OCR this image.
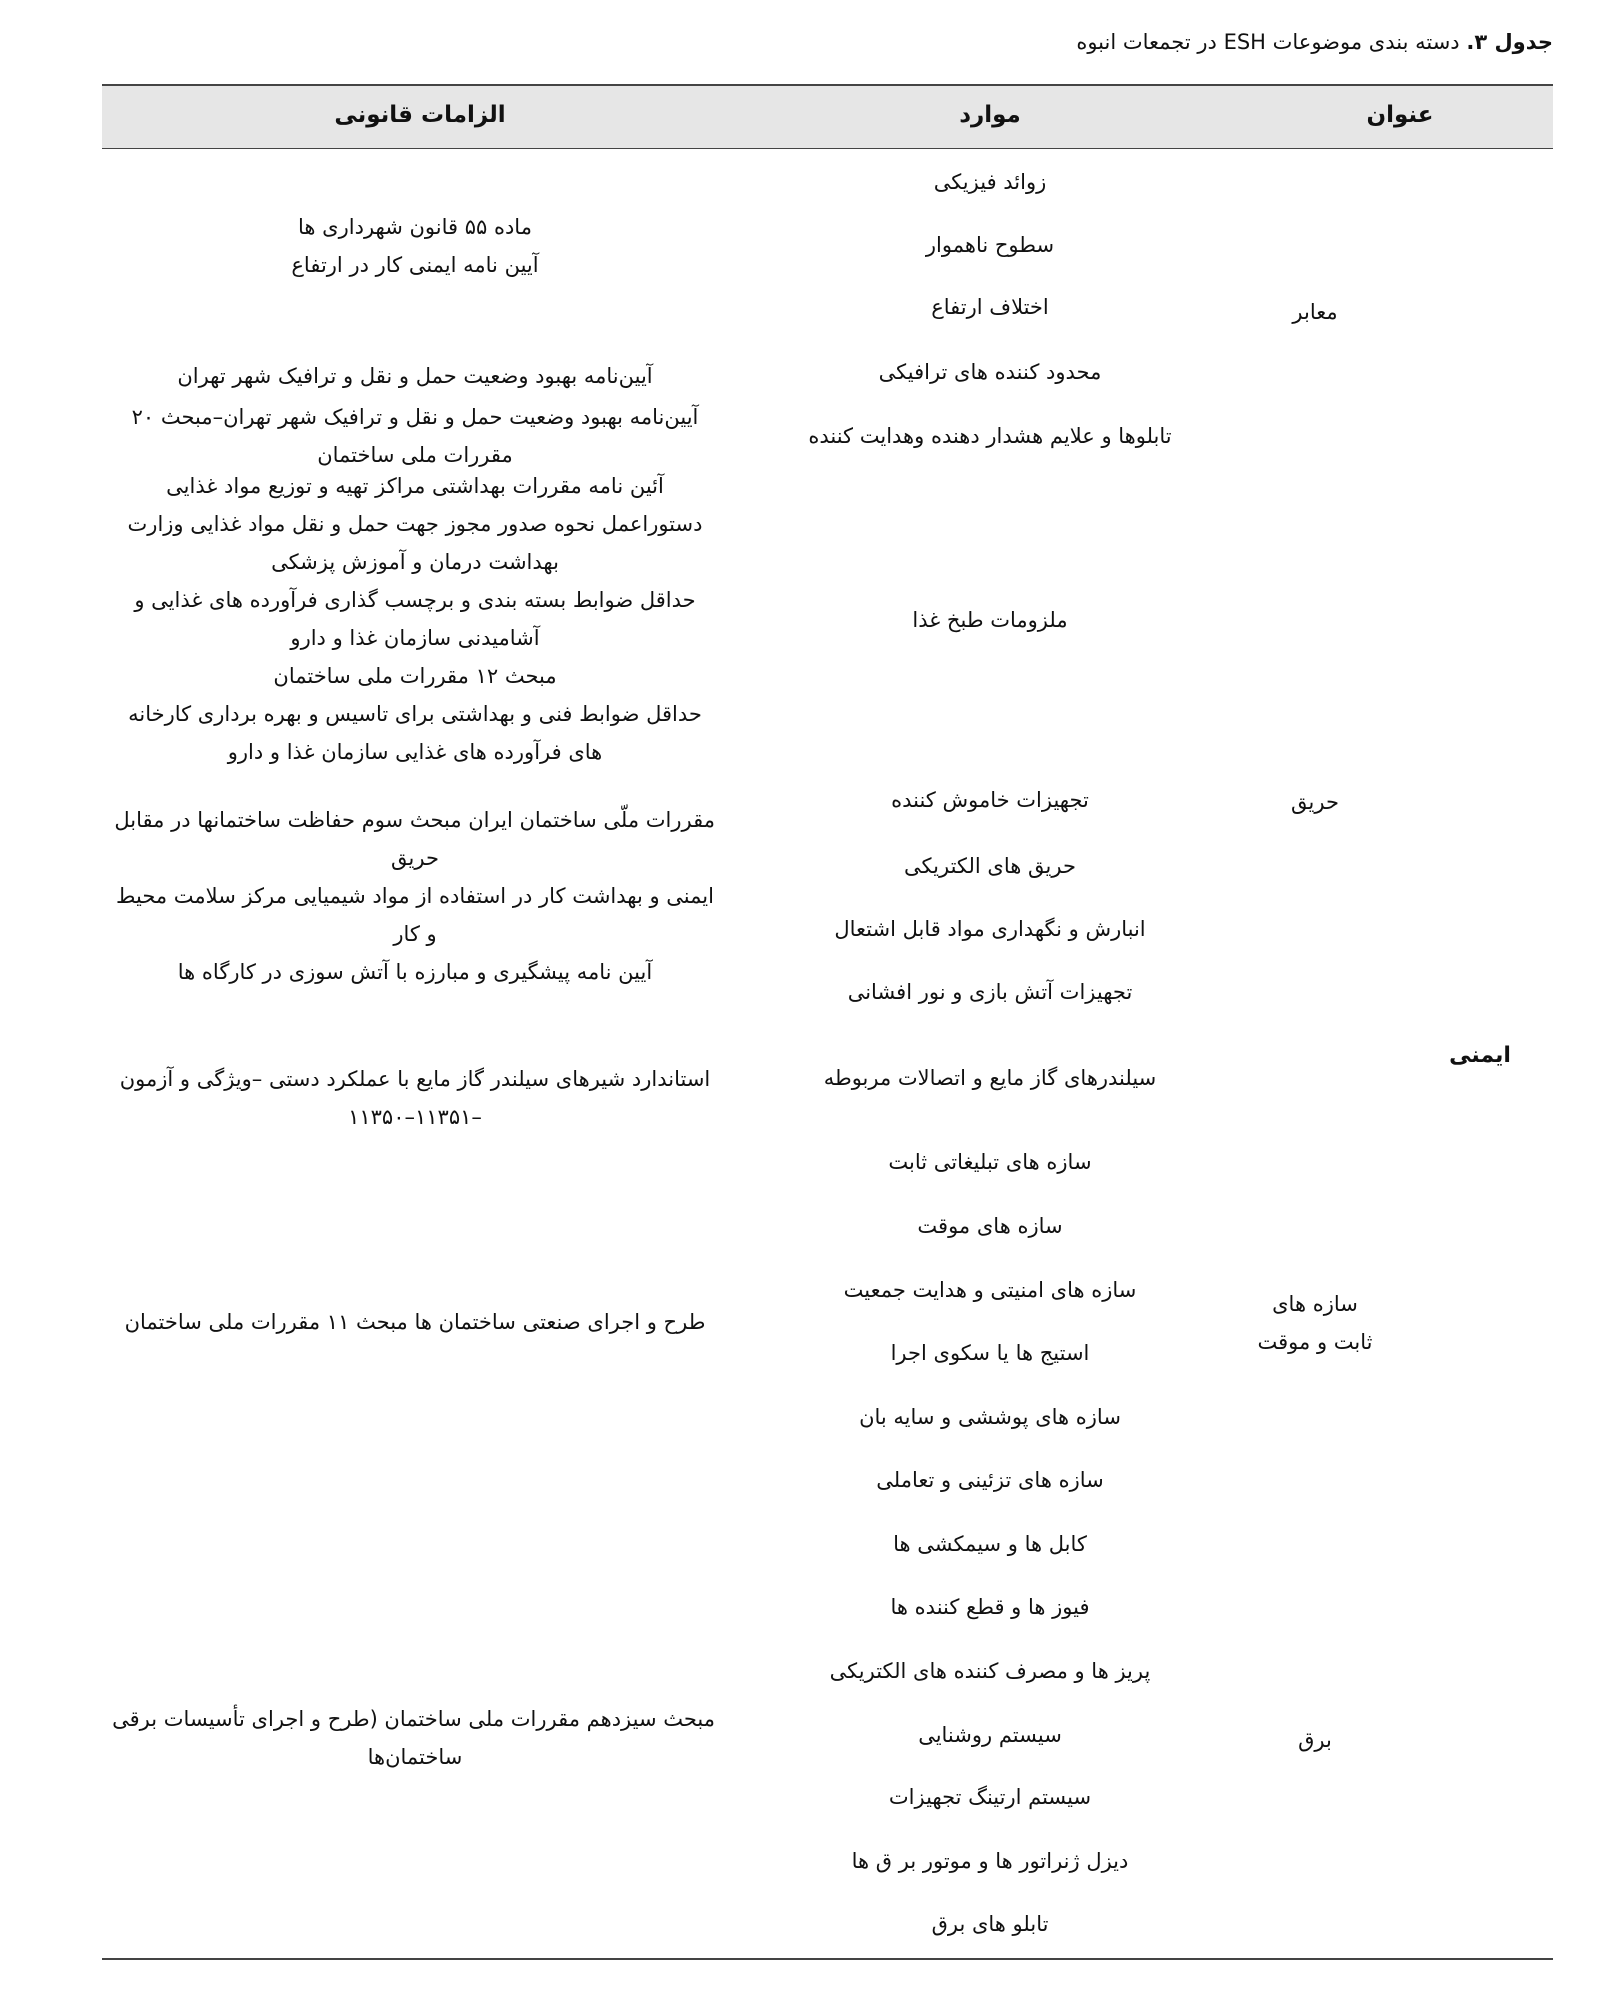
جدول ۳. دسته بندی موضوعات ESH در تجمعات انبوه
عنوان
موارد
الزامات قانونی
ایمنی
معابر
حریق
سازه های
ثابت و موقت
برق
زوائد فیزیکی
سطوح ناهموار
اختلاف ارتفاع
محدود کننده های ترافیکی
تابلوها و علایم هشدار دهنده وهدایت کننده
ملزومات طبخ غذا
تجهیزات خاموش کننده
حریق های الکتریکی
انبارش و نگهداری مواد قابل اشتعال
تجهیزات آتش بازی و نور افشانی
سیلندرهای گاز مایع و اتصالات مربوطه
سازه های تبلیغاتی ثابت
سازه های موقت
سازه های امنیتی و هدایت جمعیت
استیج ها یا سکوی اجرا
سازه های پوششی و سایه بان
سازه های تزئینی و تعاملی
کابل ها و سیمکشی ها
فیوز ها و قطع کننده ها
پریز ها و مصرف کننده های الکتریکی
سیستم روشنایی
سیستم ارتینگ تجهیزات
دیزل ژنراتور ها و موتور بر ق ها
تابلو های برق
ماده ۵۵ قانون شهرداری ها
آیین نامه ایمنی کار در ارتفاع
آیین‌نامه بهبود وضعیت حمل و نقل و ترافیک شهر تهران
آیین‌نامه بهبود وضعیت حمل و نقل و ترافیک شهر تهران–مبحث ۲۰
مقررات ملی ساختمان
آئین نامه مقررات بهداشتی مراکز تهیه و توزیع مواد غذایی
دستوراعمل نحوه صدور مجوز جهت حمل و نقل مواد غذایی وزارت
بهداشت درمان و آموزش پزشکی
حداقل ضوابط بسته بندی و برچسب گذاری فرآورده های غذایی و
آشامیدنی سازمان غذا و دارو
مبحث ۱۲ مقررات ملی ساختمان
حداقل ضوابط فنی و بهداشتی برای تاسیس و بهره برداری کارخانه
های فرآورده های غذایی سازمان غذا و دارو
مقررات ملّی ساختمان ایران مبحث سوم حفاظت ساختمانها در مقابل
حریق
ایمنی و بهداشت کار در استفاده از مواد شیمیایی مرکز سلامت محیط
و کار
آیین نامه پیشگیری و مبارزه با آتش سوزی در کارگاه ها
استاندارد شیرهای سیلندر گاز مایع با عملکرد دستی –ویژگی و آزمون
–۱۱۳۵۱–۱۱۳۵۰
طرح و اجرای صنعتی ساختمان ها مبحث ۱۱ مقررات ملی ساختمان
مبحث سیزدهم مقررات ملی ساختمان (طرح و اجرای تأسیسات برقی
ساختمان‌ها
